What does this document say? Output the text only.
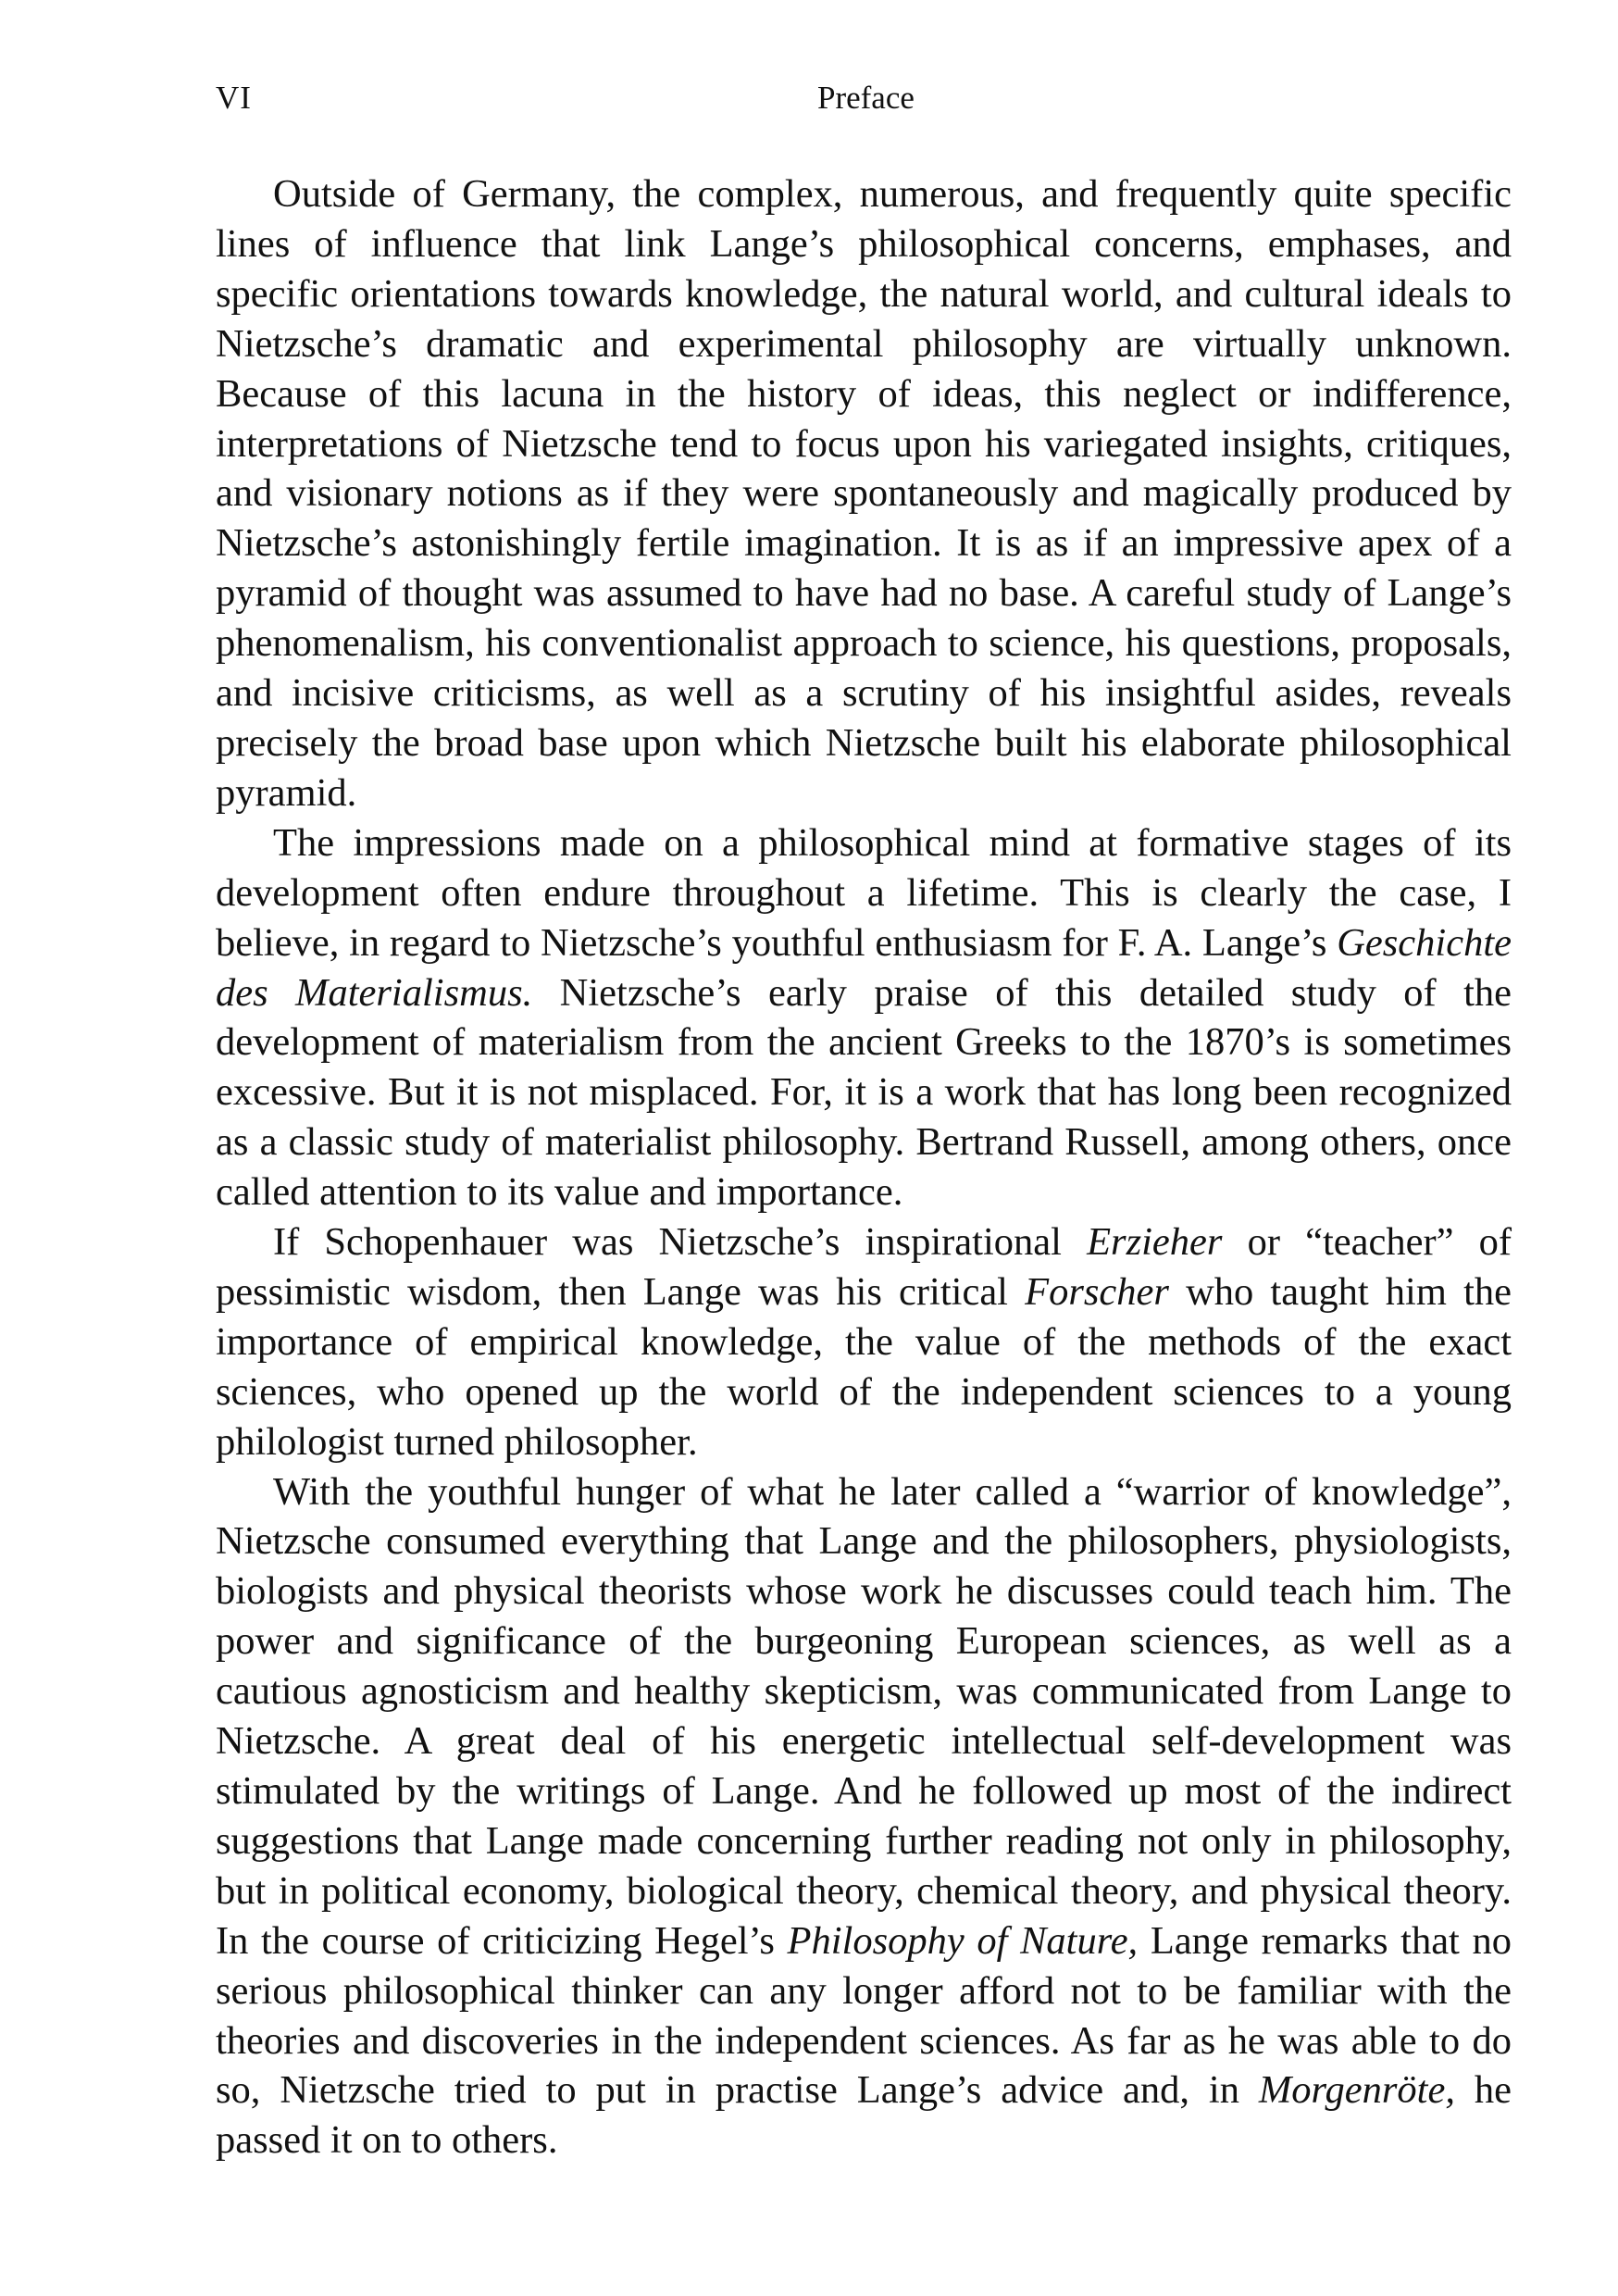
VI	Preface

Outside of Germany, the complex, numerous, and frequently quite specific lines of influence that link Lange’s philosophical concerns, emphases, and specific orientations towards knowledge, the natural world, and cultural ideals to Nietzsche’s dramatic and experimental philosophy are virtually unknown. Because of this lacuna in the history of ideas, this neglect or indifference, interpretations of Nietzsche tend to focus upon his variegated insights, critiques, and visionary notions as if they were spontaneously and magically produced by Nietzsche’s astonishingly fertile imagination. It is as if an impressive apex of a pyramid of thought was assumed to have had no base. A careful study of Lange’s phenomenalism, his conventionalist approach to science, his questions, proposals, and incisive criticisms, as well as a scrutiny of his insightful asides, reveals precisely the broad base upon which Nietzsche built his elaborate philosophical pyramid.

The impressions made on a philosophical mind at formative stages of its development often endure throughout a lifetime. This is clearly the case, I believe, in regard to Nietzsche’s youthful enthusiasm for F. A. Lange’s Geschichte des Materialismus. Nietzsche’s early praise of this detailed study of the development of materialism from the ancient Greeks to the 1870’s is sometimes excessive. But it is not misplaced. For, it is a work that has long been recognized as a classic study of materialist philosophy. Bertrand Russell, among others, once called attention to its value and importance.

If Schopenhauer was Nietzsche’s inspirational Erzieher or “teacher” of pessimistic wisdom, then Lange was his critical Forscher who taught him the importance of empirical knowledge, the value of the methods of the exact sciences, who opened up the world of the independent sciences to a young philologist turned philosopher.

With the youthful hunger of what he later called a “warrior of knowledge”, Nietzsche consumed everything that Lange and the philosophers, physiologists, biologists and physical theorists whose work he discusses could teach him. The power and significance of the burgeoning European sciences, as well as a cautious agnosticism and healthy skepticism, was communicated from Lange to Nietzsche. A great deal of his energetic intellectual self-development was stimulated by the writings of Lange. And he followed up most of the indirect suggestions that Lange made concerning further reading not only in philosophy, but in political economy, biological theory, chemical theory, and physical theory. In the course of criticizing Hegel’s Philosophy of Nature, Lange remarks that no serious philosophical thinker can any longer afford not to be familiar with the theories and discoveries in the independent sciences. As far as he was able to do so, Nietzsche tried to put in practise Lange’s advice and, in Morgenröte, he passed it on to others.
